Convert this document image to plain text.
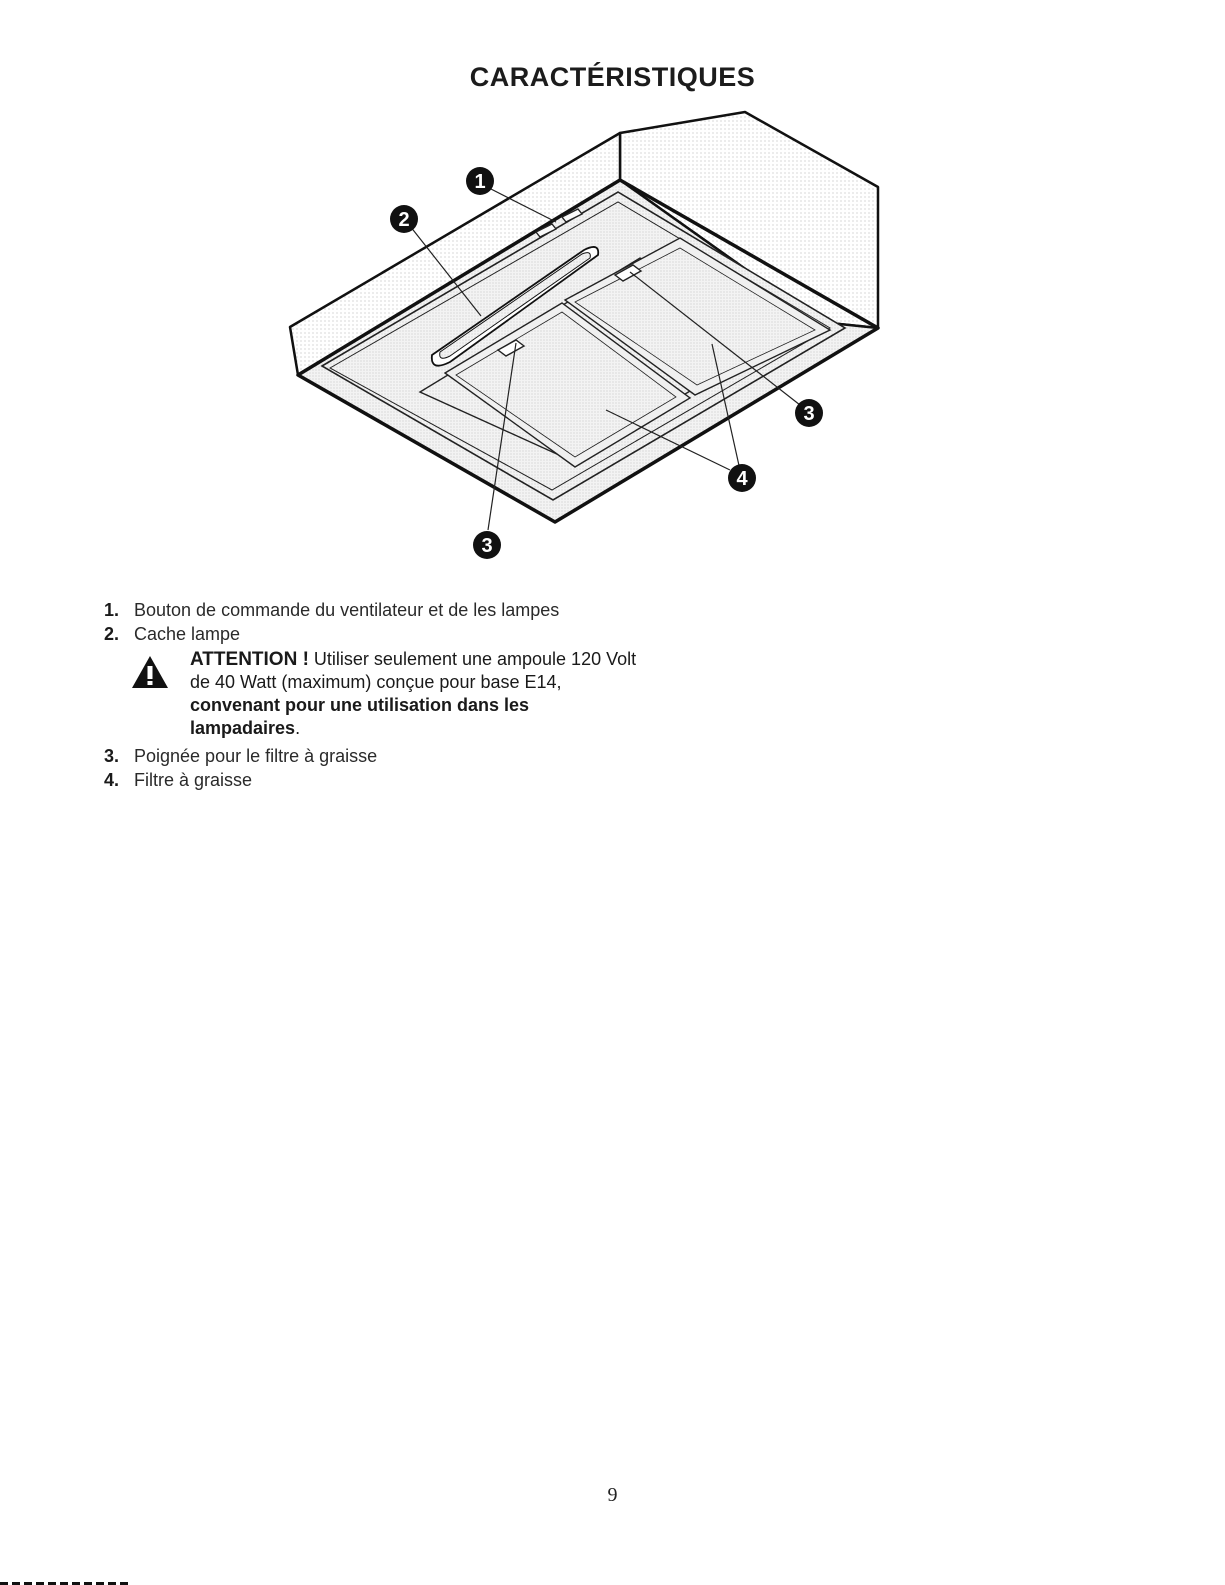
CARACTÉRISTIQUES
1
2
3
4
3
1. Bouton de commande du ventilateur et de les lampes
2. Cache lampe
ATTENTION ! Utiliser seulement une ampoule 120 Volt
de 40 Watt (maximum) conçue pour base E14,
convenant pour une utilisation dans les
lampadaires.
3. Poignée pour le filtre à graisse
4. Filtre à graisse
9
